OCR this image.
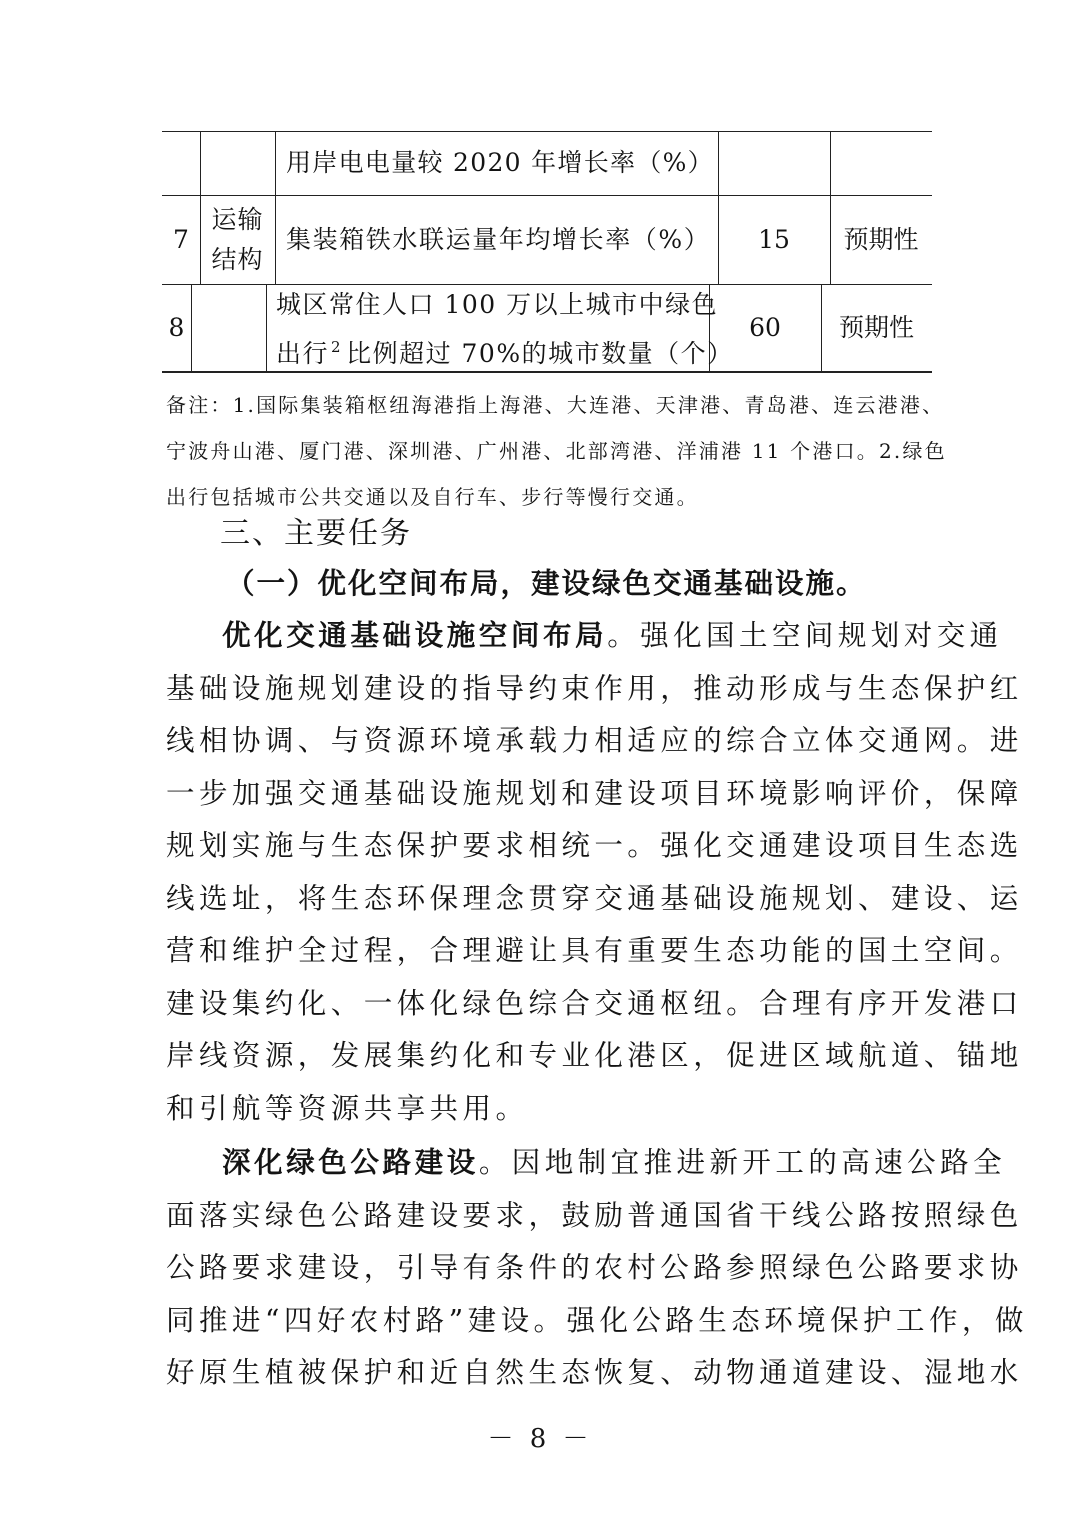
用岸电电量较 2020 年增长率（%）
7
运输
结构
集装箱铁水联运量年均增长率（%） 15 预期性
8
城区常住人口 100 万以上城市中绿色
出行 $^2$ 比例超过 70%的城市数量（个）
60 预期性
备注：1.国际集装箱枢纽海港指上海港、大连港、天津港、青岛港、连云港港、
宁波舟山港、厦门港、深圳港、广州港、北部湾港、洋浦港 11 个港口。2.绿色
出行包括城市公共交通以及自行车、步行等慢行交通。
三、主要任务
（一）优化空间布局，建设绿色交通基础设施。
优化交通基础设施空间布局。强化国土空间规划对交通
基础设施规划建设的指导约束作用，推动形成与生态保护红
线相协调、与资源环境承载力相适应的综合立体交通网。进
一步加强交通基础设施规划和建设项目环境影响评价，保障
规划实施与生态保护要求相统一。强化交通建设项目生态选
线选址，将生态环保理念贯穿交通基础设施规划、建设、运
营和维护全过程，合理避让具有重要生态功能的国土空间。
建设集约化、一体化绿色综合交通枢纽。合理有序开发港口
岸线资源，发展集约化和专业化港区，促进区域航道、锚地
和引航等资源共享共用。
深化绿色公路建设。因地制宜推进新开工的高速公路全
面落实绿色公路建设要求，鼓励普通国省干线公路按照绿色
公路要求建设，引导有条件的农村公路参照绿色公路要求协
同推进“四好农村路”建设。强化公路生态环境保护工作，做
好原生植被保护和近自然生态恢复、动物通道建设、湿地水
－ 8 －
